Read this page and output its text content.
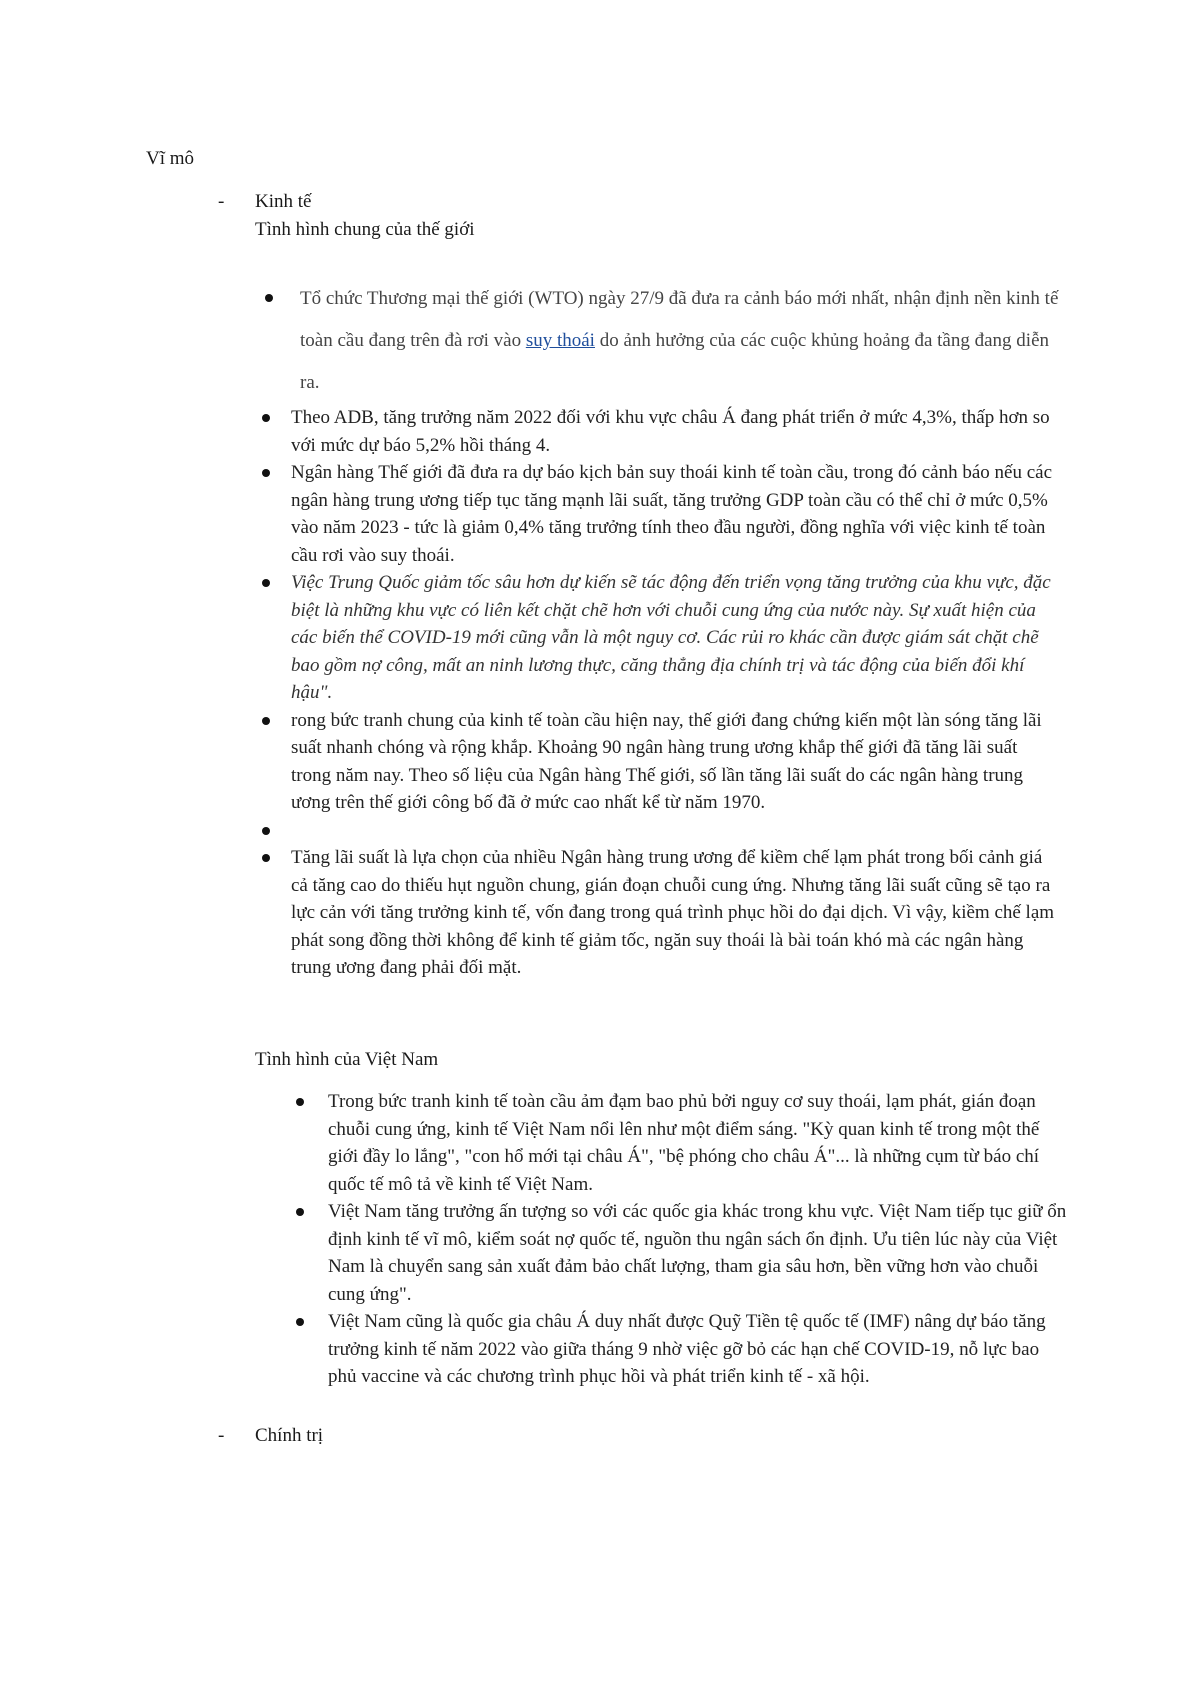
Vĩ mô
- Kinh tế
Tình hình chung của thế giới
Tổ chức Thương mại thế giới (WTO) ngày 27/9 đã đưa ra cảnh báo mới nhất, nhận định nền kinh tế toàn cầu đang trên đà rơi vào suy thoái do ảnh hưởng của các cuộc khủng hoảng đa tầng đang diễn ra.
Theo ADB, tăng trưởng năm 2022 đối với khu vực châu Á đang phát triển ở mức 4,3%, thấp hơn so với mức dự báo 5,2% hồi tháng 4.
Ngân hàng Thế giới đã đưa ra dự báo kịch bản suy thoái kinh tế toàn cầu, trong đó cảnh báo nếu các ngân hàng trung ương tiếp tục tăng mạnh lãi suất, tăng trưởng GDP toàn cầu có thể chỉ ở mức 0,5% vào năm 2023 - tức là giảm 0,4% tăng trưởng tính theo đầu người, đồng nghĩa với việc kinh tế toàn cầu rơi vào suy thoái.
Việc Trung Quốc giảm tốc sâu hơn dự kiến sẽ tác động đến triển vọng tăng trưởng của khu vực, đặc biệt là những khu vực có liên kết chặt chẽ hơn với chuỗi cung ứng của nước này. Sự xuất hiện của các biến thể COVID-19 mới cũng vẫn là một nguy cơ. Các rủi ro khác cần được giám sát chặt chẽ bao gồm nợ công, mất an ninh lương thực, căng thẳng địa chính trị và tác động của biến đổi khí hậu".
rong bức tranh chung của kinh tế toàn cầu hiện nay, thế giới đang chứng kiến một làn sóng tăng lãi suất nhanh chóng và rộng khắp. Khoảng 90 ngân hàng trung ương khắp thế giới đã tăng lãi suất trong năm nay. Theo số liệu của Ngân hàng Thế giới, số lần tăng lãi suất do các ngân hàng trung ương trên thế giới công bố đã ở mức cao nhất kể từ năm 1970.
Tăng lãi suất là lựa chọn của nhiều Ngân hàng trung ương để kiềm chế lạm phát trong bối cảnh giá cả tăng cao do thiếu hụt nguồn chung, gián đoạn chuỗi cung ứng. Nhưng tăng lãi suất cũng sẽ tạo ra lực cản với tăng trưởng kinh tế, vốn đang trong quá trình phục hồi do đại dịch. Vì vậy, kiềm chế lạm phát song đồng thời không để kinh tế giảm tốc, ngăn suy thoái là bài toán khó mà các ngân hàng trung ương đang phải đối mặt.
Tình hình của Việt Nam
Trong bức tranh kinh tế toàn cầu ảm đạm bao phủ bởi nguy cơ suy thoái, lạm phát, gián đoạn chuỗi cung ứng, kinh tế Việt Nam nổi lên như một điểm sáng. "Kỳ quan kinh tế trong một thế giới đầy lo lắng", "con hổ mới tại châu Á", "bệ phóng cho châu Á"... là những cụm từ báo chí quốc tế mô tả về kinh tế Việt Nam.
Việt Nam tăng trưởng ấn tượng so với các quốc gia khác trong khu vực. Việt Nam tiếp tục giữ ổn định kinh tế vĩ mô, kiểm soát nợ quốc tế, nguồn thu ngân sách ổn định. Ưu tiên lúc này của Việt Nam là chuyển sang sản xuất đảm bảo chất lượng, tham gia sâu hơn, bền vững hơn vào chuỗi cung ứng".
Việt Nam cũng là quốc gia châu Á duy nhất được Quỹ Tiền tệ quốc tế (IMF) nâng dự báo tăng trưởng kinh tế năm 2022 vào giữa tháng 9 nhờ việc gỡ bỏ các hạn chế COVID-19, nỗ lực bao phủ vaccine và các chương trình phục hồi và phát triển kinh tế - xã hội.
- Chính trị
